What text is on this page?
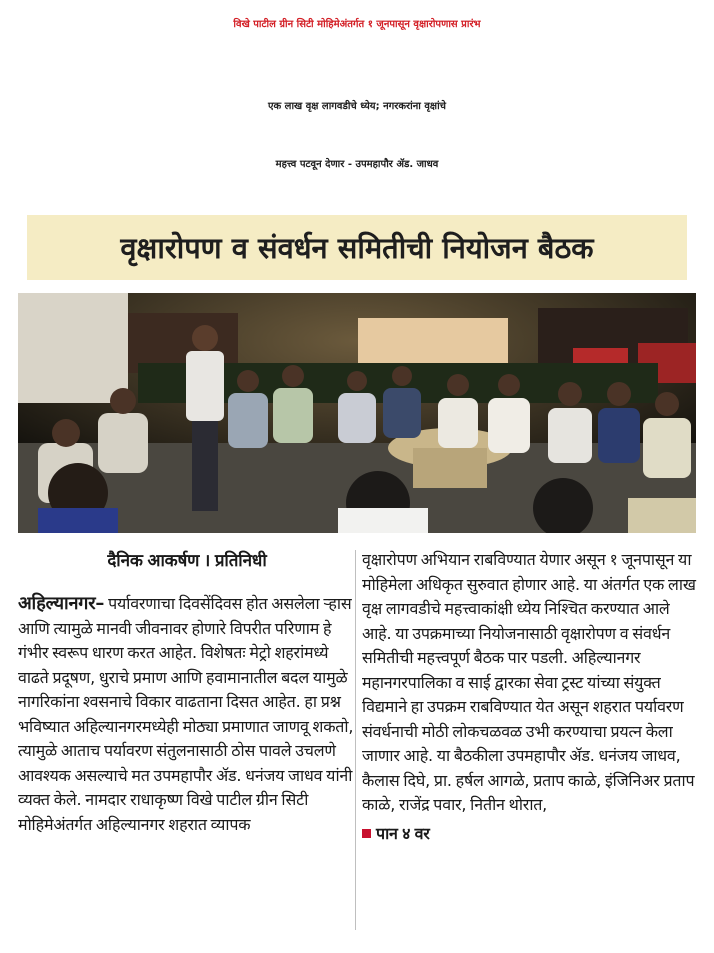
विखे पाटील ग्रीन सिटी मोहिमेअंतर्गत १ जूनपासून वृक्षारोपणास प्रारंभ
एक लाख वृक्ष लागवडीचे ध्येय; नगरकरांना वृक्षांचे
महत्त्व पटवून देणार - उपमहापौर ॲड. जाधव
वृक्षारोपण व संवर्धन समितीची नियोजन बैठक

दैनिक आकर्षण । प्रतिनिधी

अहिल्यानगर– पर्यावरणाचा दिवसेंदिवस होत असलेला ऱ्हास आणि त्यामुळे मानवी जीवनावर होणारे विपरीत परिणाम हे गंभीर स्वरूप धारण करत आहेत. विशेषतः मेट्रो शहरांमध्ये वाढते प्रदूषण, धुराचे प्रमाण आणि हवामानातील बदल यामुळे नागरिकांना श्वसनाचे विकार वाढताना दिसत आहेत. हा प्रश्न भविष्यात अहिल्यानगरमध्येही मोठ्या प्रमाणात जाणवू शकतो, त्यामुळे आताच पर्यावरण संतुलनासाठी ठोस पावले उचलणे आवश्यक असल्याचे मत उपमहापौर ॲड. धनंजय जाधव यांनी व्यक्त केले. नामदार राधाकृष्ण विखे पाटील ग्रीन सिटी मोहिमेअंतर्गत अहिल्यानगर शहरात व्यापक

वृक्षारोपण अभियान राबविण्यात येणार असून १ जूनपासून या मोहिमेला अधिकृत सुरुवात होणार आहे. या अंतर्गत एक लाख वृक्ष लागवडीचे महत्त्वाकांक्षी ध्येय निश्चित करण्यात आले आहे. या उपक्रमाच्या नियोजनासाठी वृक्षारोपण व संवर्धन समितीची महत्त्वपूर्ण बैठक पार पडली. अहिल्यानगर महानगरपालिका व साई द्वारका सेवा ट्रस्ट यांच्या संयुक्त विद्यमाने हा उपक्रम राबविण्यात येत असून शहरात पर्यावरण संवर्धनाची मोठी लोकचळवळ उभी करण्याचा प्रयत्न केला जाणार आहे. या बैठकीला उपमहापौर ॲड. धनंजय जाधव, कैलास दिघे, प्रा. हर्षल आगळे, प्रताप काळे, इंजिनिअर प्रताप काळे, राजेंद्र पवार, नितीन थोरात,

पान ४ वर
